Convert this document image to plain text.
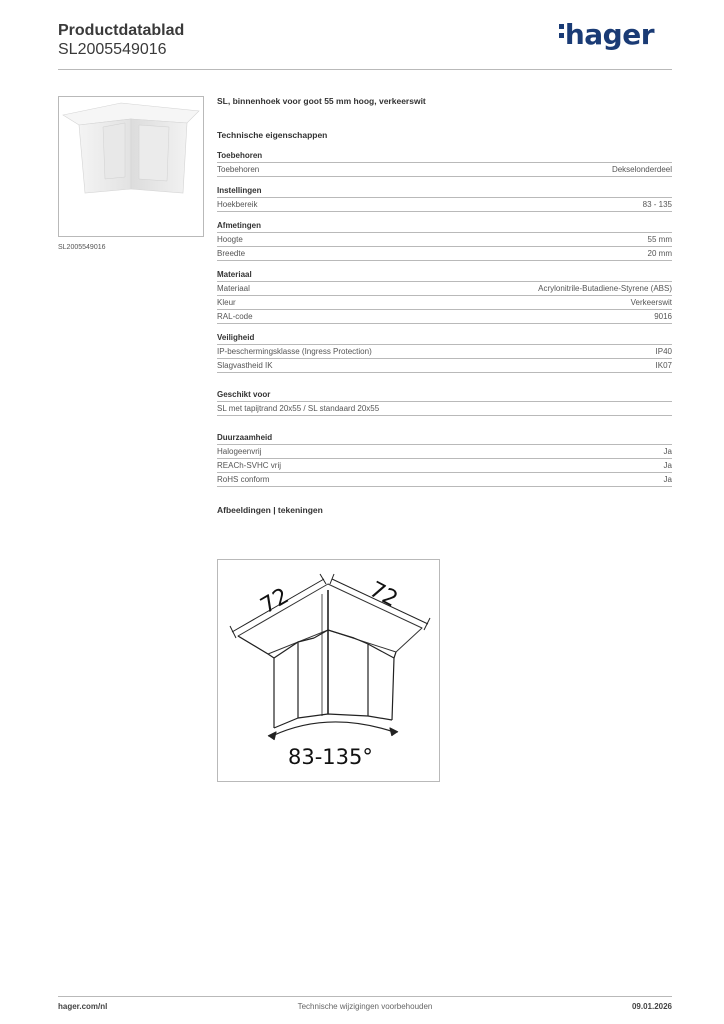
Productdatablad
SL2005549016	hager
SL2005549016
SL, binnenhoek voor goot 55 mm hoog, verkeerswit
Technische eigenschappen
Toebehoren
Toebehoren	Dekselonderdeel
Instellingen
Hoekbereik	83 - 135
Afmetingen
Hoogte	55 mm
Breedte	20 mm
Materiaal
Materiaal	Acrylonitrile-Butadiene-Styrene (ABS)
Kleur	Verkeerswit
RAL-code	9016
Veiligheid
IP-beschermingsklasse (Ingress Protection)	IP40
Slagvastheid IK	IK07
Geschikt voor
SL met tapijtrand 20x55 / SL standaard 20x55
Duurzaamheid
Halogeenvrij	Ja
REACh-SVHC vrij	Ja
RoHS conform	Ja
Afbeeldingen | tekeningen
72	72
83-135°
hager.com/nl	Technische wijzigingen voorbehouden	09.01.2026
